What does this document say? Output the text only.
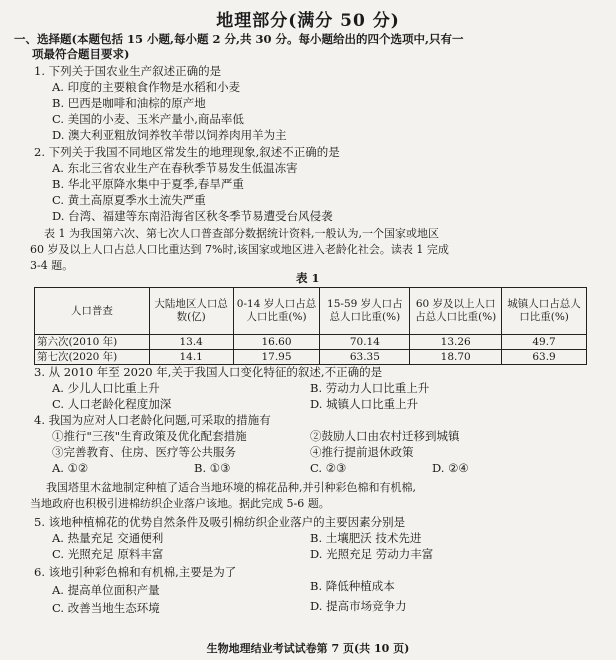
地理部分(满分 50 分)
一、选择题(本题包括 15 小题,每小题 2 分,共 30 分。每小题给出的四个选项中,只有一
项最符合题目要求)
1. 下列关于国农业生产叙述正确的是
A. 印度的主要粮食作物是水稻和小麦
B. 巴西是咖啡和油棕的原产地
C. 美国的小麦、玉米产量小,商品率低
D. 澳大利亚粗放饲养牧羊带以饲养肉用羊为主
2. 下列关于我国不同地区常发生的地理现象,叙述不正确的是
A. 东北三省农业生产在春秋季节易发生低温冻害
B. 华北平原降水集中于夏季,春旱严重
C. 黄土高原夏季水土流失严重
D. 台湾、福建等东南沿海省区秋冬季节易遭受台风侵袭
表 1 为我国第六次、第七次人口普查部分数据统计资料,一般认为,一个国家或地区
60 岁及以上人口占总人口比重达到 7%时,该国家或地区进入老龄化社会。读表 1 完成
3-4 题。
表 1
人口普查	大陆地区人口总数(亿)	0-14 岁人口占总人口比重(%)	15-59 岁人口占总人口比重(%)	60 岁及以上人口占总人口比重(%)	城镇人口占总人口比重(%)
第六次(2010 年)	13.4	16.60	70.14	13.26	49.7
第七次(2020 年)	14.1	17.95	63.35	18.70	63.9
3. 从 2010 年至 2020 年,关于我国人口变化特征的叙述,不正确的是
A. 少儿人口比重上升	B. 劳动力人口比重上升
C. 人口老龄化程度加深	D. 城镇人口比重上升
4. 我国为应对人口老龄化问题,可采取的措施有
①推行"三孩"生育政策及优化配套措施	②鼓励人口由农村迁移到城镇
③完善教育、住房、医疗等公共服务	④推行提前退休政策
A. ①②	B. ①③	C. ②③	D. ②④
我国塔里木盆地制定种植了适合当地环境的棉花品种,并引种彩色棉和有机棉,
当地政府也积极引进棉纺织企业落户该地。据此完成 5-6 题。
5. 该地种植棉花的优势自然条件及吸引棉纺织企业落户的主要因素分别是
A. 热量充足 交通便利	B. 土壤肥沃 技术先进
C. 光照充足 原料丰富	D. 光照充足 劳动力丰富
6. 该地引种彩色棉和有机棉,主要是为了
A. 提高单位面积产量	B. 降低种植成本
C. 改善当地生态环境	D. 提高市场竞争力
生物地理结业考试试卷第 7 页(共 10 页)
